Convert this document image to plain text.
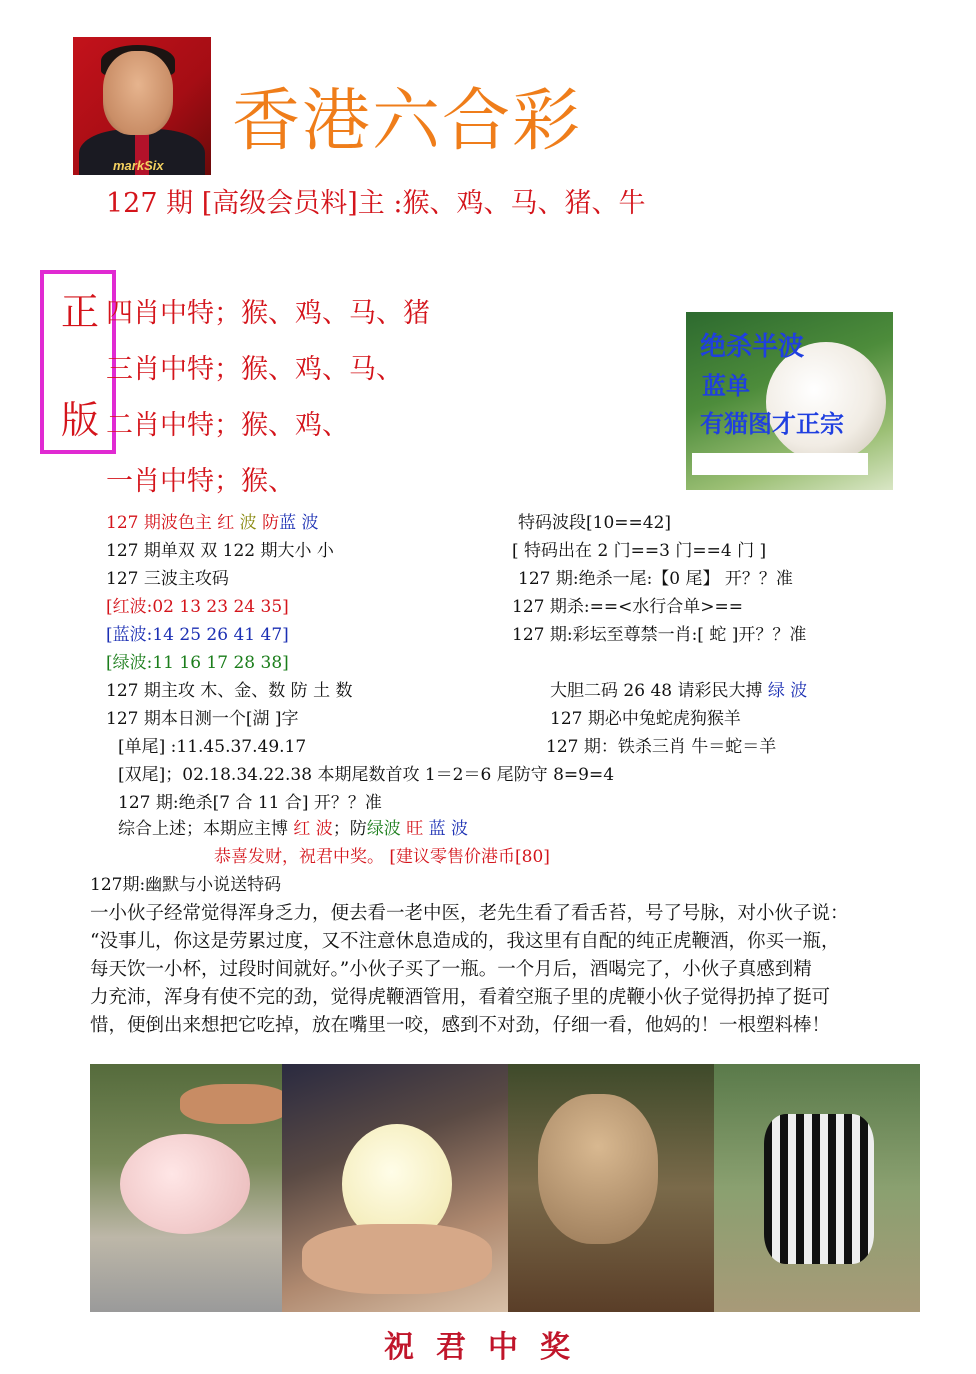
markSix
香港六合彩
127 期 [高级会员料]主 :猴、鸡、马、猪、牛
正
版
四肖中特；猴、鸡、马、猪
三肖中特；猴、鸡、马、
二肖中特；猴、鸡、
一肖中特；猴、
绝杀半波
蓝单
有猫图才正宗
127 期波色主 红 波 防蓝 波
127 期单双 双 122 期大小 小
127 三波主攻码
[红波:02 13 23 24 35]
[蓝波:14 25 26 41 47]
[绿波:11 16 17 28 38]
127 期主攻 木、金、数 防 土 数
127 期本日测一个[湖 ]字
[单尾] :11.45.37.49.17
[双尾]；02.18.34.22.38 本期尾数首攻 1＝2＝6 尾防守 8=9=4
127 期:绝杀[7 合 11 合] 开？？准
综合上述；本期应主博 红 波；防绿波 旺 蓝 波
恭喜发财，祝君中奖。 [建议零售价港币[80]
特码波段[10==42]
[ 特码出在 2 门==3 门==4 门 ]
127 期:绝杀一尾:【0 尾】 开？？准
127 期杀:==<水行合单>==
127 期:彩坛至尊禁一肖:[ 蛇 ]开？？准
大胆二码 26 48 请彩民大搏 绿 波
127 期必中兔蛇虎狗猴羊
127 期：铁杀三肖 牛＝蛇＝羊
127期:幽默与小说送特码

一小伙子经常觉得浑身乏力，便去看一老中医，老先生看了看舌苔，号了号脉，对小伙子说：

“没事儿，你这是劳累过度，又不注意休息造成的，我这里有自配的纯正虎鞭酒，你买一瓶，

每天饮一小杯，过段时间就好。”小伙子买了一瓶。一个月后，酒喝完了，小伙子真感到精

力充沛，浑身有使不完的劲，觉得虎鞭酒管用，看着空瓶子里的虎鞭小伙子觉得扔掉了挺可

惜，便倒出来想把它吃掉，放在嘴里一咬，感到不对劲，仔细一看，他妈的！一根塑料棒！

祝君中奖
